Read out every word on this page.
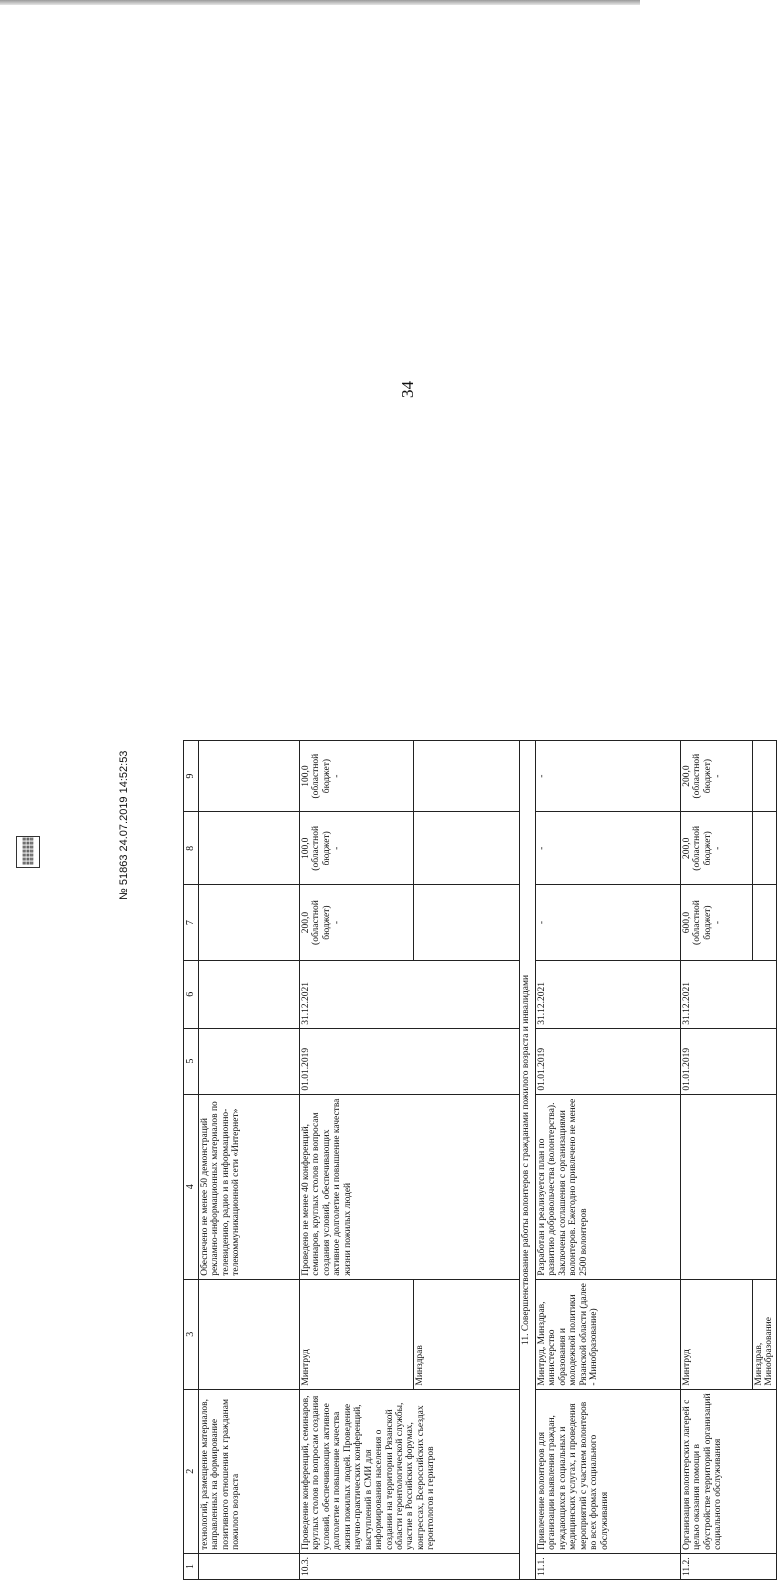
34
1	2	3	4	5	6	7	8	9
	технологий, размещение материалов, направленных на формирование позитивного отношения к гражданам пожилого возраста		Обеспечено не менее 50 демонстраций рекламно-информационных материалов по телевидению, радио и в информационно-телекоммуникационной сети «Интернет»					
10.3.	Проведение конференций, семинаров, круглых столов по вопросам создания условий, обеспечивающих активное долголетие и повышение качества жизни пожилых людей. Проведение научно-практических конференций, выступлений в СМИ для информирования населения о создании на территории Рязанской области геронтологической службы, участие в Российских форумах, конгрессах, Всероссийских съездах геронтологов и гериатров	Минтруд	Проведено не менее 40 конференций, семинаров, круглых столов по вопросам создания условий, обеспечивающих активное долголетие и повышение качества жизни пожилых людей	01.01.2019	31.12.2021	200,0 (областной бюджет) -	100,0 (областной бюджет) -	100,0 (областной бюджет) -

		Минздрав						
11. Совершенствование работы волонтеров с гражданами пожилого возраста и инвалидами								
11.1.	Привлечение волонтеров для организации выявления граждан, нуждающихся в социальных и медицинских услугах, и проведения мероприятий с участием волонтеров во всех формах социального обслуживания	Минтруд, Минздрав, министерство образования и молодежной политики Рязанской области (далее - Минобразование)	Разработан и реализуется план по развитию добровольчества (волонтерства). Заключены соглашения с организациями волонтеров. Ежегодно привлечено не менее 2500 волонтеров	01.01.2019	31.12.2021	-	-	-
11.2.	Организация волонтерских лагерей с целью оказания помощи в обустройстве территорий организаций социального обслуживания	Минтруд		01.01.2019	31.12.2021	600,0 (областной бюджет) -	200,0 (областной бюджет) -	200,0 (областной бюджет) -

		Минздрав, Минобразование						
▦▦▦
▦▦▦
▦▦▦
▦▦▦
▦▦▦
▦▦▦
▦▦▦	№ 51863 24.07.2019 14:52:53
